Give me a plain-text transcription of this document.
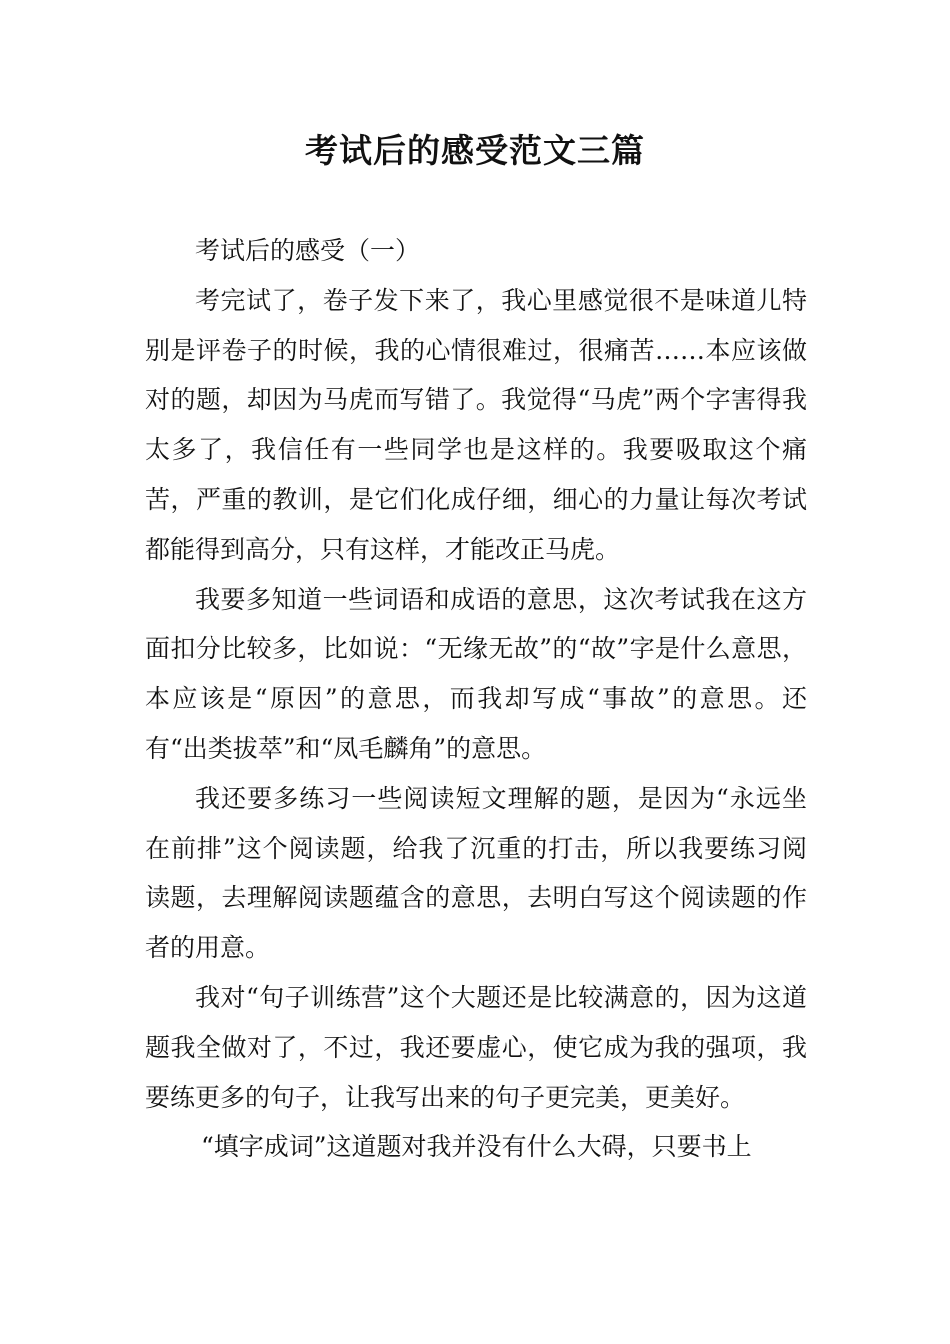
考试后的感受范文三篇

考试后的感受（一）

考完试了，卷子发下来了，我心里感觉很不是味道儿特别是评卷子的时候，我的心情很难过，很痛苦……本应该做对的题，却因为马虎而写错了。我觉得“马虎”两个字害得我太多了，我信任有一些同学也是这样的。我要吸取这个痛苦，严重的教训，是它们化成仔细，细心的力量让每次考试都能得到高分，只有这样，才能改正马虎。

我要多知道一些词语和成语的意思，这次考试我在这方面扣分比较多，比如说：“无缘无故”的“故”字是什么意思，本应该是“原因”的意思，而我却写成“事故”的意思。还有“出类拔萃”和“凤毛麟角”的意思。

我还要多练习一些阅读短文理解的题，是因为“永远坐在前排”这个阅读题，给我了沉重的打击，所以我要练习阅读题，去理解阅读题蕴含的意思，去明白写这个阅读题的作者的用意。

我对“句子训练营”这个大题还是比较满意的，因为这道题我全做对了，不过，我还要虚心，使它成为我的强项，我要练更多的句子，让我写出来的句子更完美，更美好。

“填字成词”这道题对我并没有什么大碍，只要书上
